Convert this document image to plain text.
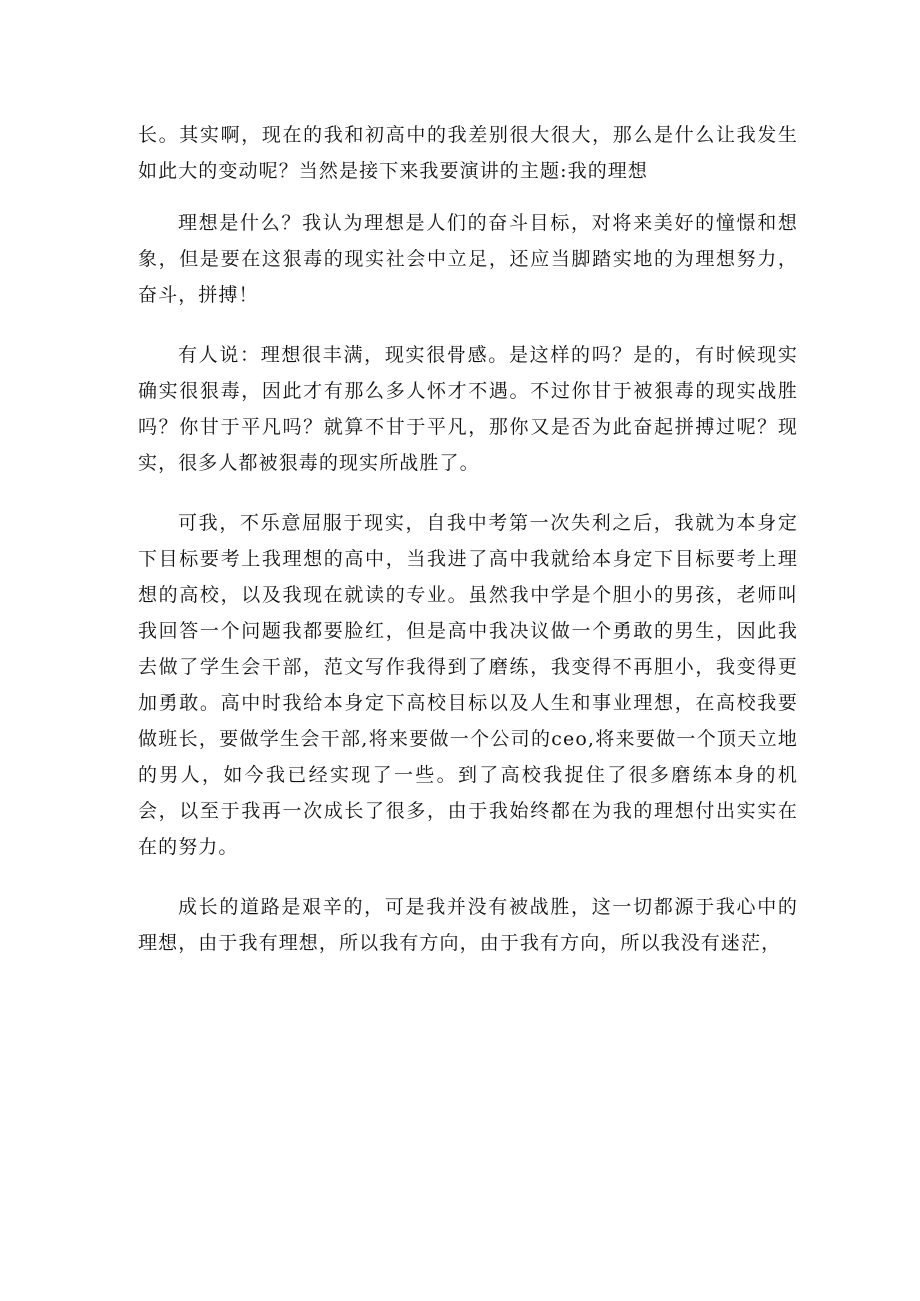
长。其实啊，现在的我和初高中的我差别很大很大，那么是什么让我发生如此大的变动呢？当然是接下来我要演讲的主题:我的理想

理想是什么？我认为理想是人们的奋斗目标，对将来美好的憧憬和想象，但是要在这狠毒的现实社会中立足，还应当脚踏实地的为理想努力，奋斗，拼搏！

有人说：理想很丰满，现实很骨感。是这样的吗？是的，有时候现实确实很狠毒，因此才有那么多人怀才不遇。不过你甘于被狠毒的现实战胜吗？你甘于平凡吗？就算不甘于平凡，那你又是否为此奋起拼搏过呢？现实，很多人都被狠毒的现实所战胜了。

可我，不乐意屈服于现实，自我中考第一次失利之后，我就为本身定下目标要考上我理想的高中，当我进了高中我就给本身定下目标要考上理想的高校，以及我现在就读的专业。虽然我中学是个胆小的男孩，老师叫我回答一个问题我都要脸红，但是高中我决议做一个勇敢的男生，因此我去做了学生会干部，范文写作我得到了磨练，我变得不再胆小，我变得更加勇敢。高中时我给本身定下高校目标以及人生和事业理想，在高校我要做班长，要做学生会干部,将来要做一个公司的ceo,将来要做一个顶天立地的男人，如今我已经实现了一些。到了高校我捉住了很多磨练本身的机会，以至于我再一次成长了很多，由于我始终都在为我的理想付出实实在在的努力。

成长的道路是艰辛的，可是我并没有被战胜，这一切都源于我心中的理想，由于我有理想，所以我有方向，由于我有方向，所以我没有迷茫，
